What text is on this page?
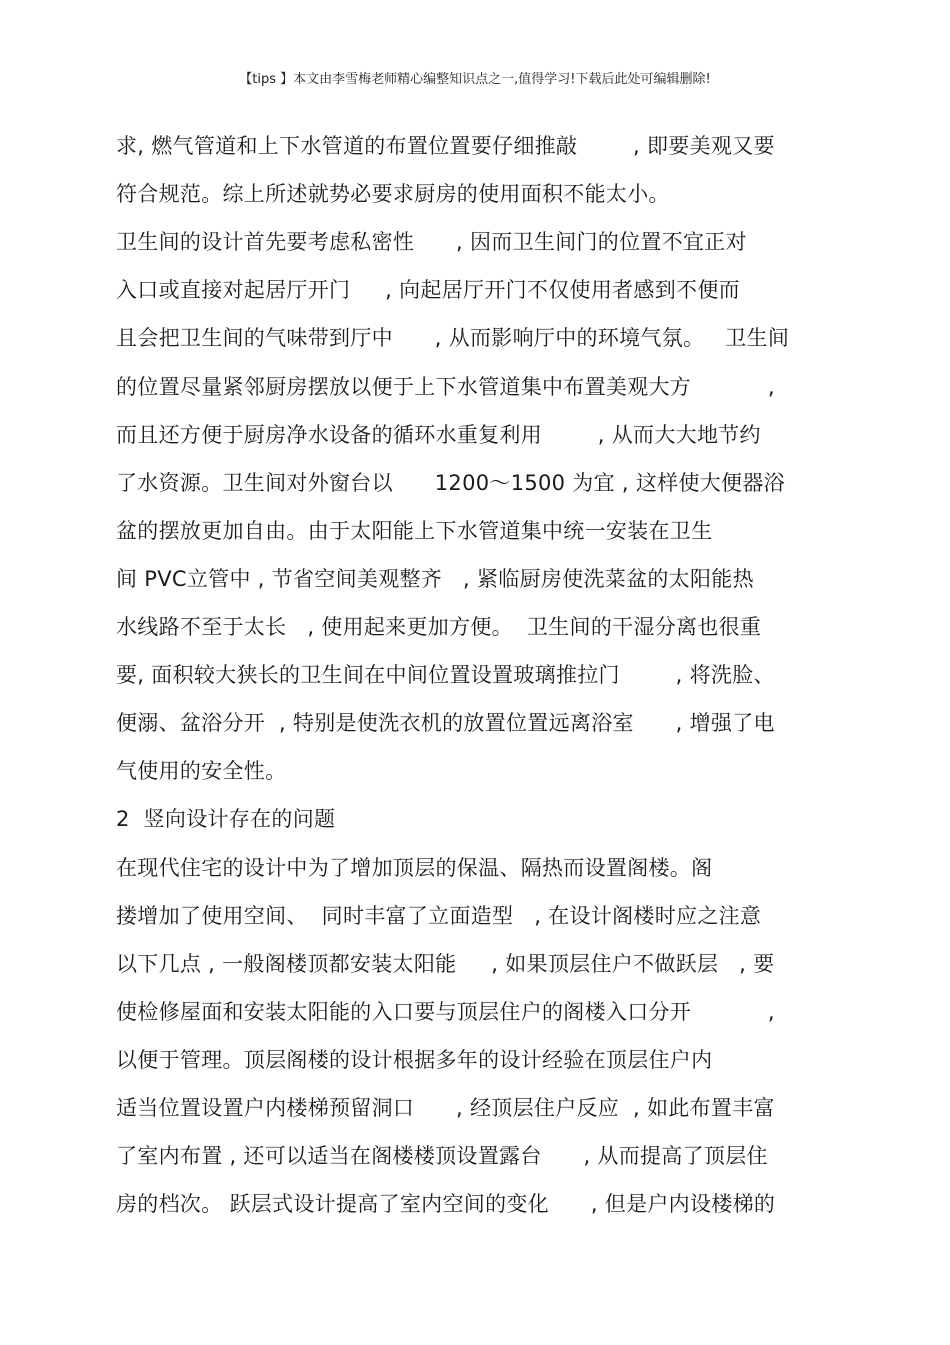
【tips 】本文由李雪梅老师精心编整知识点之一,值得学习!下载后此处可编辑删除!
求, 燃气管道和上下水管道的布置位置要仔细推敲        , 即要美观又要
符合规范。综上所述就势必要求厨房的使用面积不能太小。
卫生间的设计首先要考虑私密性      , 因而卫生间门的位置不宜正对
入口或直接对起居厅开门     , 向起居厅开门不仅使用者感到不便而
且会把卫生间的气味带到厅中      , 从而影响厅中的环境气氛。   卫生间
的位置尽量紧邻厨房摆放以便于上下水管道集中布置美观大方           ,
而且还方便于厨房净水设备的循环水重复利用        , 从而大大地节约
了水资源。卫生间对外窗台以      1200～1500 为宜 , 这样使大便器浴
盆的摆放更加自由。由于太阳能上下水管道集中统一安装在卫生
间 PVC立管中 , 节省空间美观整齐   , 紧临厨房使洗菜盆的太阳能热
水线路不至于太长   , 使用起来更加方便。  卫生间的干湿分离也很重
要, 面积较大狭长的卫生间在中间位置设置玻璃推拉门        , 将洗脸、
便溺、盆浴分开  , 特别是使洗衣机的放置位置远离浴室      , 增强了电
气使用的安全性。
2  竖向设计存在的问题
在现代住宅的设计中为了增加顶层的保温、隔热而设置阁楼。阁
搂增加了使用空间、  同时丰富了立面造型   , 在设计阁楼时应之注意
以下几点 , 一般阁楼顶都安装太阳能     , 如果顶层住户不做跃层   , 要
使检修屋面和安装太阳能的入口要与顶层住户的阁楼入口分开           ,
以便于管理。顶层阁楼的设计根据多年的设计经验在顶层住户内
适当位置设置户内楼梯预留洞口      , 经顶层住户反应  , 如此布置丰富
了室内布置 , 还可以适当在阁楼楼顶设置露台      , 从而提高了顶层住
房的档次。 跃层式设计提高了室内空间的变化      , 但是户内设楼梯的
